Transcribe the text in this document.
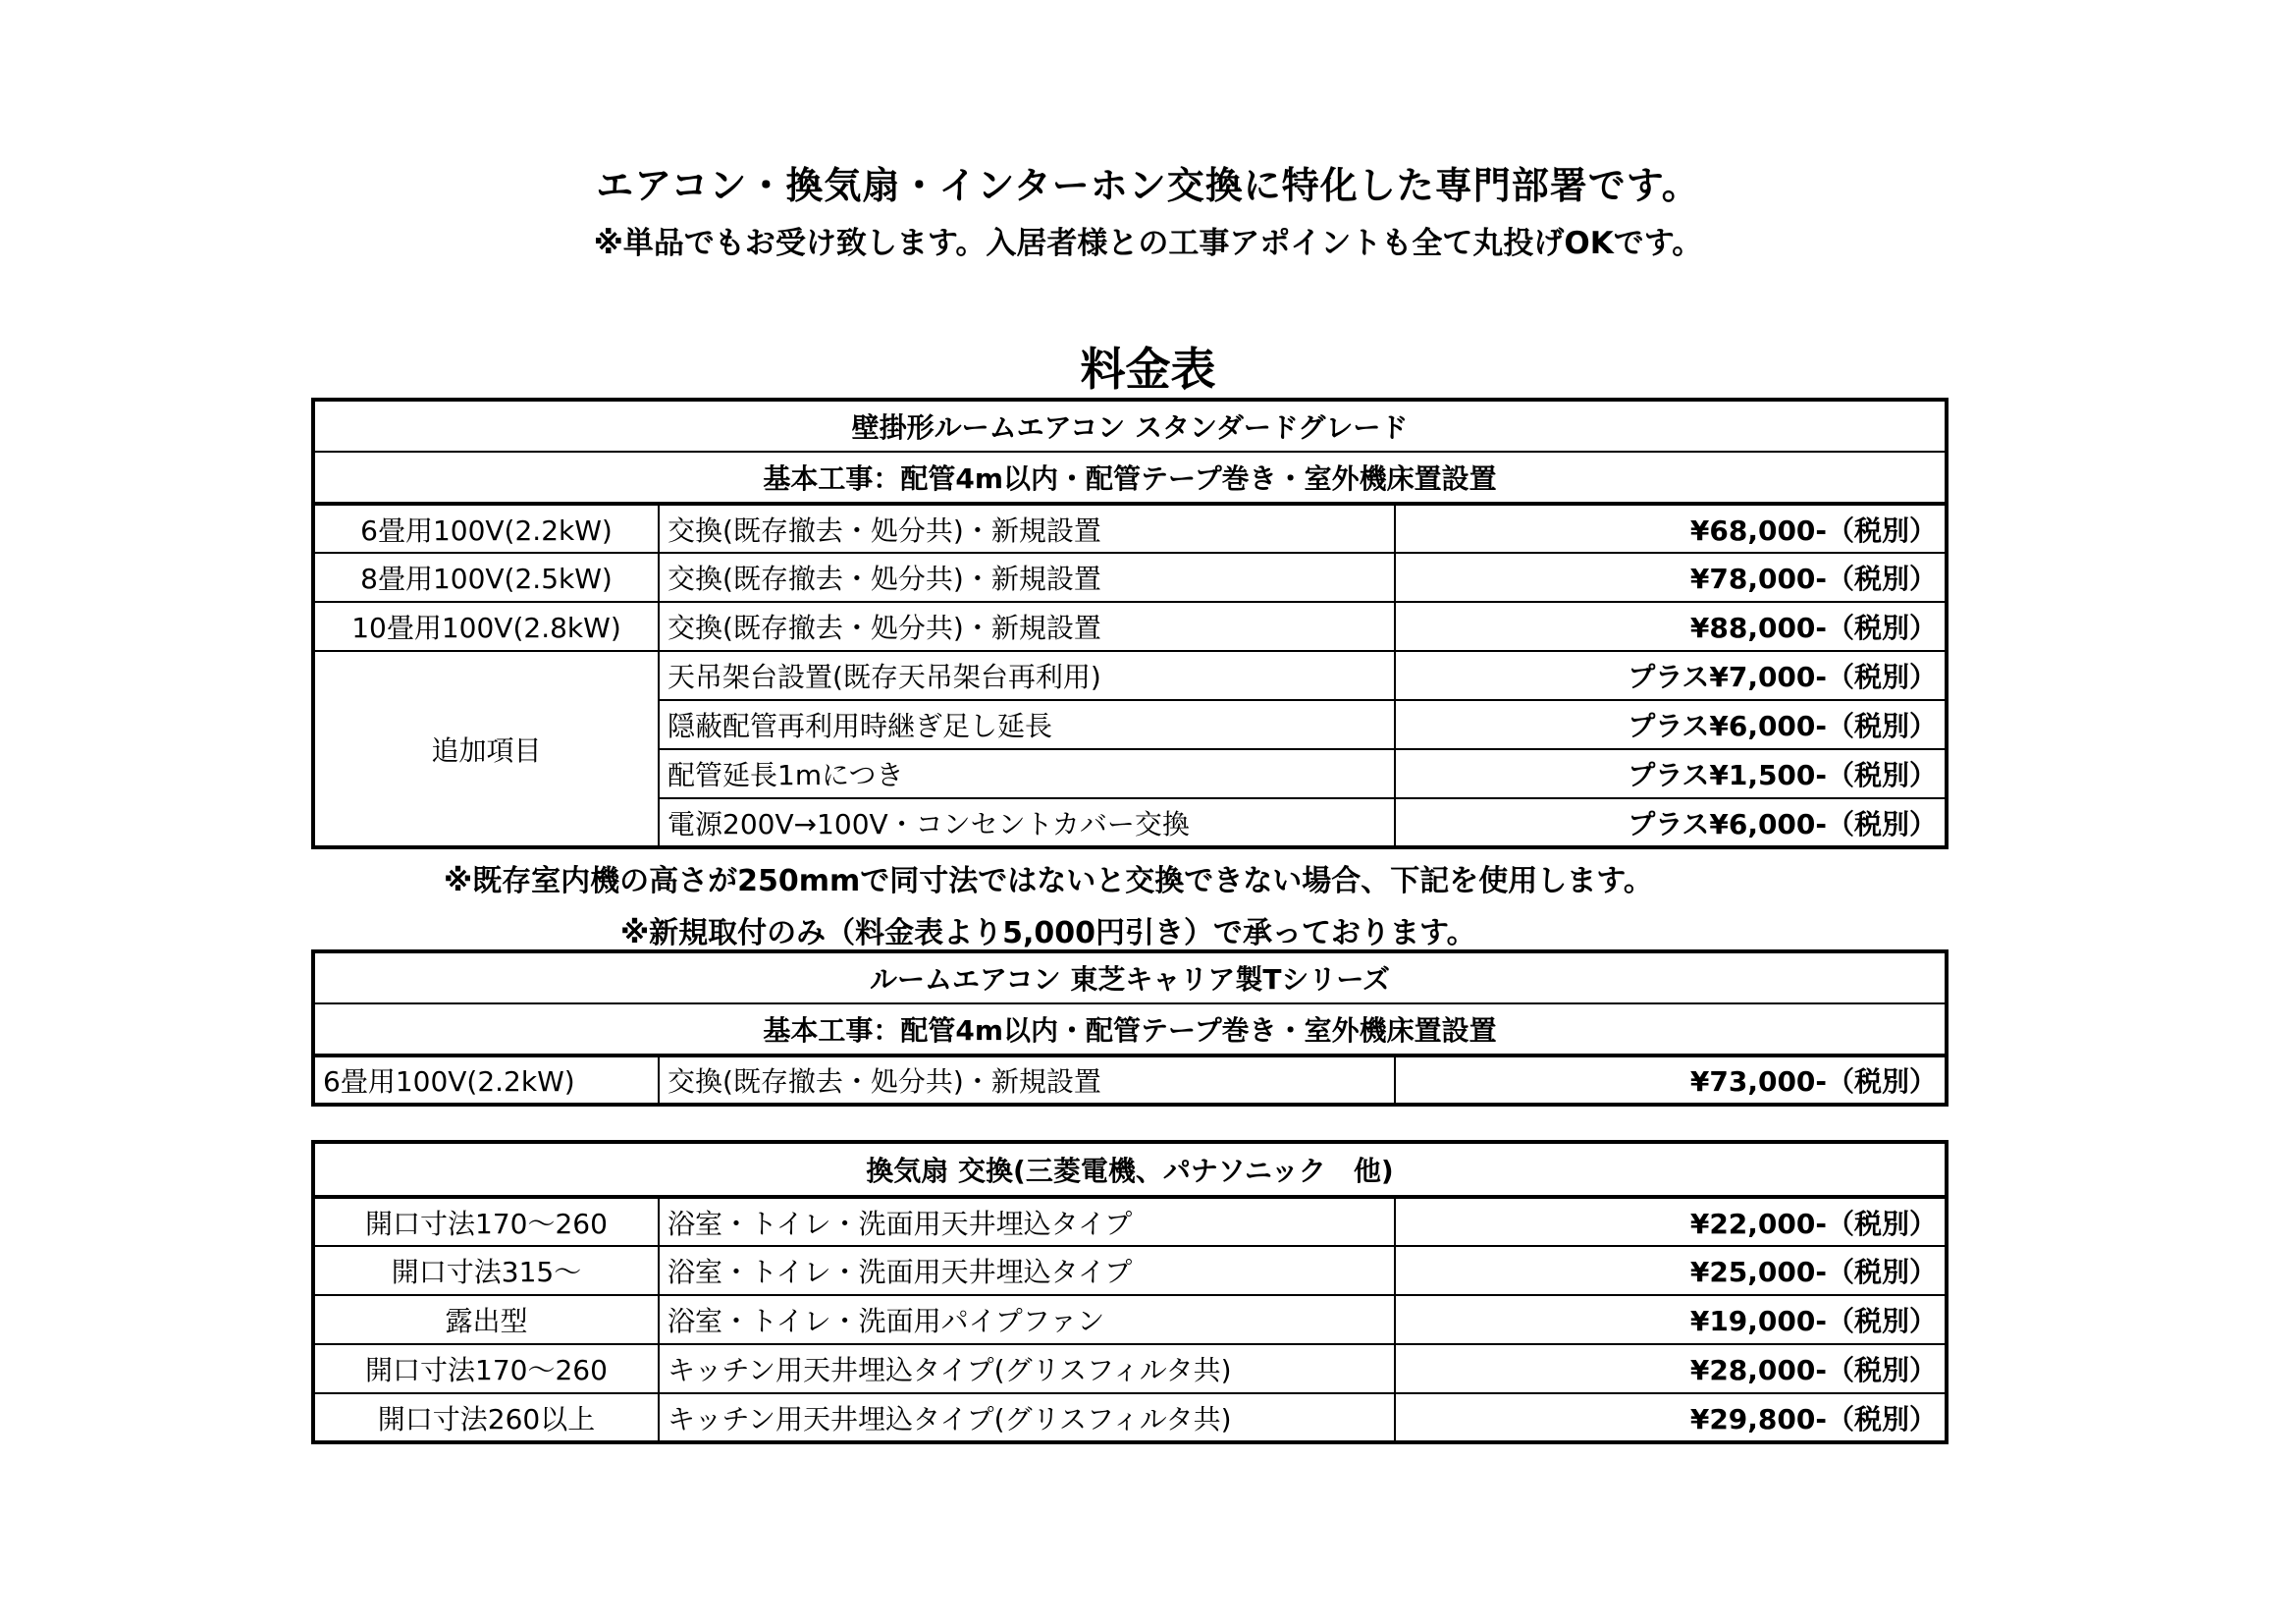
エアコン・換気扇・インターホン交換に特化した専門部署です。
※単品でもお受け致します。入居者様との工事アポイントも全て丸投げOKです。
料金表
壁掛形ルームエアコン スタンダードグレード		
基本工事：配管4m以内・配管テープ巻き・室外機床置設置		
6畳用100V(2.2kW)	交換(既存撤去・処分共)・新規設置	¥68,000-（税別）
8畳用100V(2.5kW)	交換(既存撤去・処分共)・新規設置	¥78,000-（税別）
10畳用100V(2.8kW)	交換(既存撤去・処分共)・新規設置	¥88,000-（税別）
追加項目	天吊架台設置(既存天吊架台再利用)	プラス¥7,000-（税別）
	隠蔽配管再利用時継ぎ足し延長	プラス¥6,000-（税別）
	配管延長1mにつき	プラス¥1,500-（税別）
	電源200V→100V・コンセントカバー交換	プラス¥6,000-（税別）
※既存室内機の高さが250mmで同寸法ではないと交換できない場合、下記を使用します。
※新規取付のみ（料金表より5,000円引き）で承っております。
ルームエアコン 東芝キャリア製Tシリーズ
基本工事：配管4m以内・配管テープ巻き・室外機床置設置
6畳用100V(2.2kW)	交換(既存撤去・処分共)・新規設置	¥73,000-（税別）
換気扇 交換(三菱電機、パナソニック　他)		
開口寸法170～260	浴室・トイレ・洗面用天井埋込タイプ	¥22,000-（税別）
開口寸法315～	浴室・トイレ・洗面用天井埋込タイプ	¥25,000-（税別）
露出型	浴室・トイレ・洗面用パイプファン	¥19,000-（税別）
開口寸法170～260	キッチン用天井埋込タイプ(グリスフィルタ共)	¥28,000-（税別）
開口寸法260以上	キッチン用天井埋込タイプ(グリスフィルタ共)	¥29,800-（税別）
